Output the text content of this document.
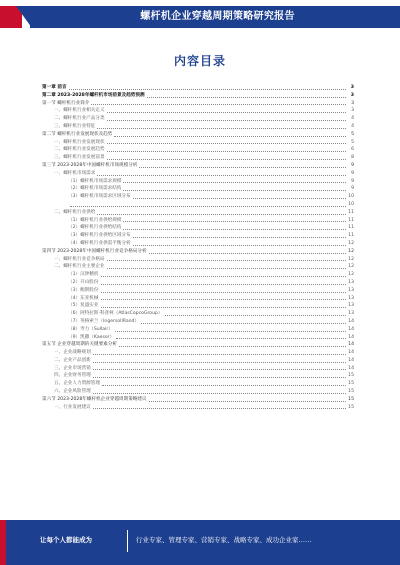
螺杆机企业穿越周期策略研究报告
内容目录
第一章 前言	3
第二章 2023-2028年螺杆机市场前景及趋势预测	3
第一节 螺杆机行业简介	3
一、螺杆机行业相关定义	3
二、螺杆机行业产品分类	4
三、螺杆机行业特征	4
第二节 螺杆机行业发展现状及趋势	5
一、螺杆机行业发展现状	5
二、螺杆机行业发展趋势	6
三、螺杆机行业发展前景	8
第三节 2023-2028年中国螺杆机市场规模分析	9
一、螺杆机市场需求	9
（1）螺杆机市场需求规模	9
（2）螺杆机市场需求结构	9
（3）螺杆机市场需求区域分布	10
10
二、螺杆机行业供给	11
（1）螺杆机行业供给规模	11
（2）螺杆机行业供给结构	11
（3）螺杆机行业供给区域分布	11
（4）螺杆机行业供需平衡分析	12
第四节 2023-2028年中国螺杆机行业竞争格局分析	12
一、螺杆机行业竞争格局	12
二、螺杆机行业主要企业	12
（1）汉钟精机	12
（2）开山股份	13
（3）鲍斯股份	13
（4）东亚机械	13
（5）复盛实业	13
（6）阿特拉斯·科普柯（AtlasCopcoGroup）	13
（7）英格索兰（IngersollRand）	14
（8）寿力（Sullair）	14
（9）凯撒（Kaeser）	14
第五节 企业穿越周期的关键要素分析	14
一、企业战略规划	14
二、企业产品创新	14
三、企业市场营销	14
四、企业财务管理	15
五、企业人力资源管理	15
六、企业风险管理	15
第六节 2023-2028年螺杆机企业穿越周期策略建议	15
一、行业发展建议	15
让每个人都能成为	行业专家、管理专家、营销专家、战略专家、成功企业家……
